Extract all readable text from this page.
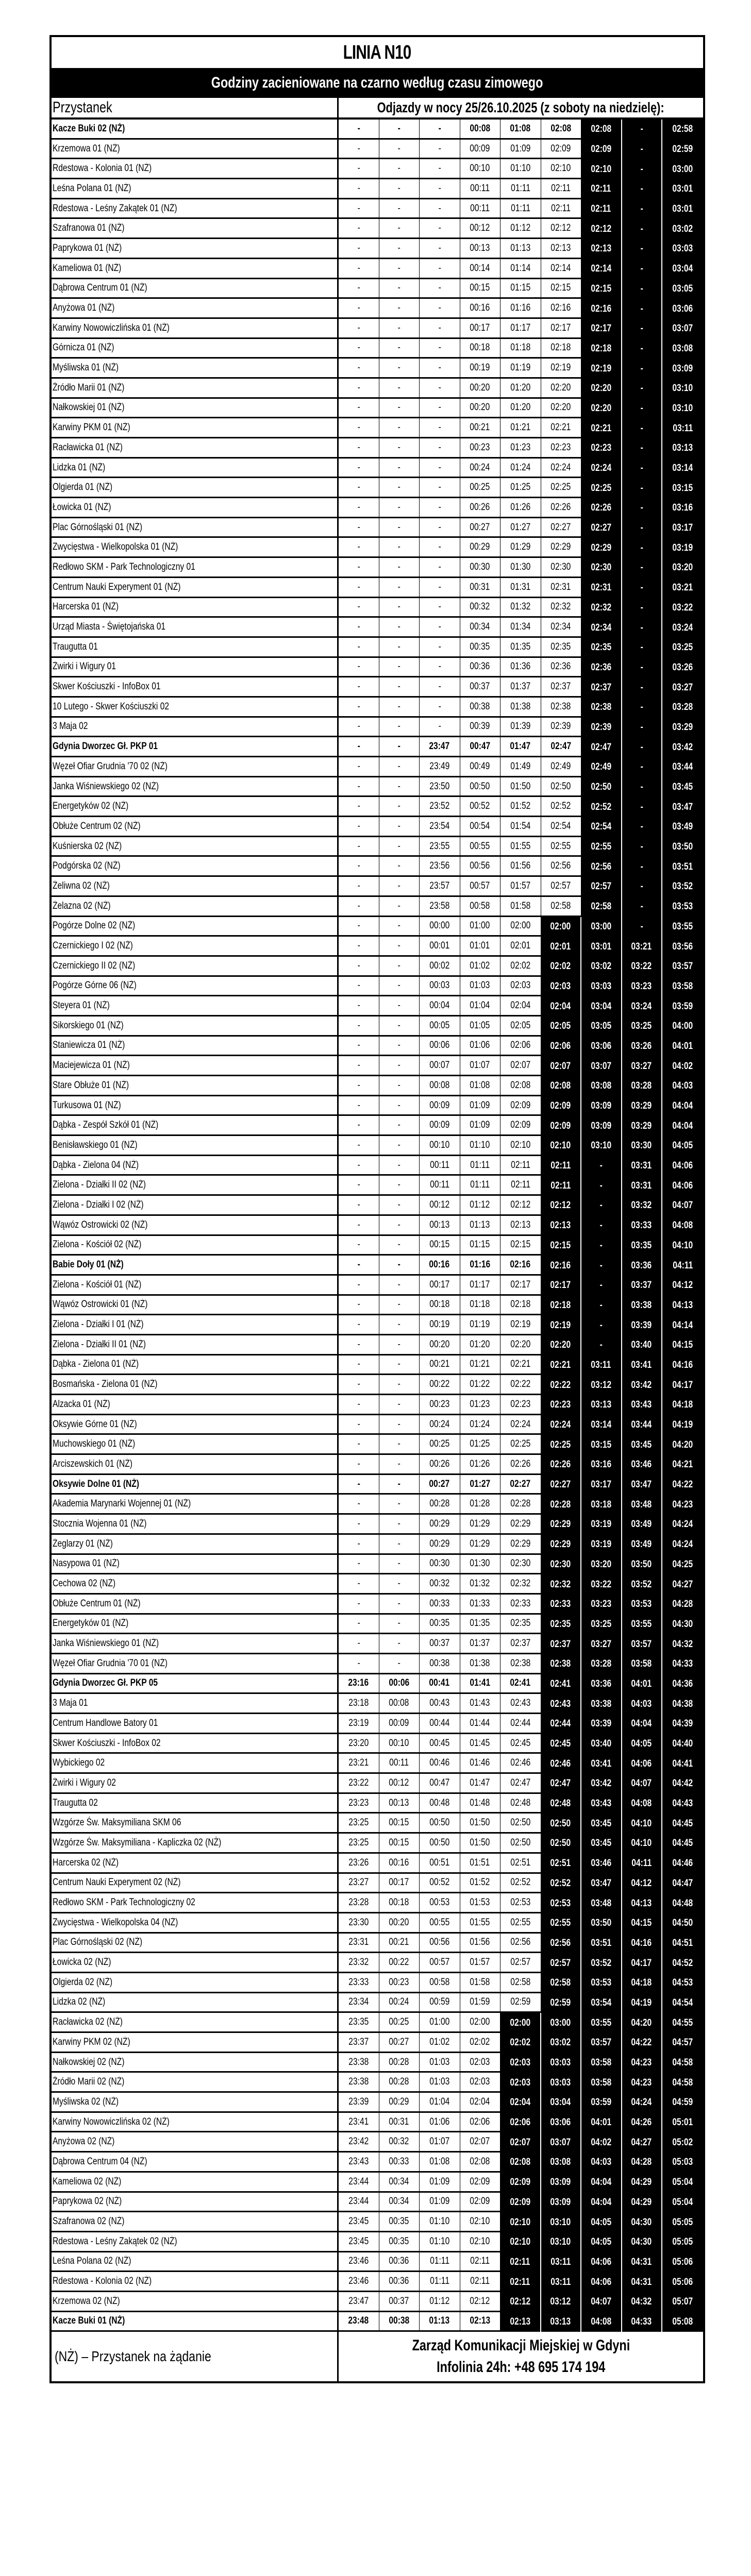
LINIA N10
Godziny zacieniowane na czarno według czasu zimowego
Przystanek	Odjazdy w nocy 25/26.10.2025 (z soboty na niedzielę):
Kacze Buki 02 (NŻ)	-	-	-	00:08 01:08 02:08 02:08	-	02:58
Krzemowa 01 (NŻ)	-	-	-	00:09 01:09 02:09 02:09	-	02:59
Rdestowa - Kolonia 01 (NŻ)	-	-	-	00:10 01:10 02:10 02:10	-	03:00
Leśna Polana 01 (NŻ)	-	-	-	00:11 01:11 02:11 02:11	-	03:01
Rdestowa - Leśny Zakątek 01 (NŻ)	-	-	-	00:11 01:11 02:11 02:11	-	03:01
Szafranowa 01 (NŻ)	-	-	-	00:12 01:12 02:12 02:12	-	03:02
Paprykowa 01 (NŻ)	-	-	-	00:13 01:13 02:13 02:13	-	03:03
Kameliowa 01 (NŻ)	-	-	-	00:14 01:14 02:14 02:14	-	03:04
Dąbrowa Centrum 01 (NŻ)	-	-	-	00:15 01:15 02:15 02:15	-	03:05
Anyżowa 01 (NŻ)	-	-	-	00:16 01:16 02:16 02:16	-	03:06
Karwiny Nowowiczlińska 01 (NŻ)	-	-	-	00:17 01:17 02:17 02:17	-	03:07
Górnicza 01 (NŻ)	-	-	-	00:18 01:18 02:18 02:18	-	03:08
Myśliwska 01 (NŻ)	-	-	-	00:19 01:19 02:19 02:19	-	03:09
Źródło Marii 01 (NŻ)	-	-	-	00:20 01:20 02:20 02:20	-	03:10
Nałkowskiej 01 (NŻ)	-	-	-	00:20 01:20 02:20 02:20	-	03:10
Karwiny PKM 01 (NŻ)	-	-	-	00:21 01:21 02:21 02:21	-	03:11
Racławicka 01 (NŻ)	-	-	-	00:23 01:23 02:23 02:23	-	03:13
Lidzka 01 (NŻ)	-	-	-	00:24 01:24 02:24 02:24	-	03:14
Olgierda 01 (NŻ)	-	-	-	00:25 01:25 02:25 02:25	-	03:15
Łowicka 01 (NŻ)	-	-	-	00:26 01:26 02:26 02:26	-	03:16
Plac Górnośląski 01 (NŻ)	-	-	-	00:27 01:27 02:27 02:27	-	03:17
Zwycięstwa - Wielkopolska 01 (NŻ)	-	-	-	00:29 01:29 02:29 02:29	-	03:19
Redłowo SKM - Park Technologiczny 01	-	-	-	00:30 01:30 02:30 02:30	-	03:20
Centrum Nauki Experyment 01 (NŻ)	-	-	-	00:31 01:31 02:31 02:31	-	03:21
Harcerska 01 (NŻ)	-	-	-	00:32 01:32 02:32 02:32	-	03:22
Urząd Miasta - Świętojańska 01	-	-	-	00:34 01:34 02:34 02:34	-	03:24
Traugutta 01	-	-	-	00:35 01:35 02:35 02:35	-	03:25
Żwirki i Wigury 01	-	-	-	00:36 01:36 02:36 02:36	-	03:26
Skwer Kościuszki - InfoBox 01	-	-	-	00:37 01:37 02:37 02:37	-	03:27
10 Lutego - Skwer Kościuszki 02	-	-	-	00:38 01:38 02:38 02:38	-	03:28
3 Maja 02	-	-	-	00:39 01:39 02:39 02:39	-	03:29
Gdynia Dworzec Gł. PKP 01	-	-	23:47 00:47 01:47 02:47 02:47	-	03:42
Węzeł Ofiar Grudnia '70 02 (NŻ)	-	-	23:49 00:49 01:49 02:49 02:49	-	03:44
Janka Wiśniewskiego 02 (NŻ)	-	-	23:50 00:50 01:50 02:50 02:50	-	03:45
Energetyków 02 (NŻ)	-	-	23:52 00:52 01:52 02:52 02:52	-	03:47
Obłuże Centrum 02 (NŻ)	-	-	23:54 00:54 01:54 02:54 02:54	-	03:49
Kuśnierska 02 (NŻ)	-	-	23:55 00:55 01:55 02:55 02:55	-	03:50
Podgórska 02 (NŻ)	-	-	23:56 00:56 01:56 02:56 02:56	-	03:51
Żeliwna 02 (NŻ)	-	-	23:57 00:57 01:57 02:57 02:57	-	03:52
Żelazna 02 (NŻ)	-	-	23:58 00:58 01:58 02:58 02:58	-	03:53
Pogórze Dolne 02 (NŻ)	-	-	00:00 01:00 02:00 02:00 03:00	-	03:55
Czernickiego I 02 (NŻ)	-	-	00:01 01:01 02:01 02:01 03:01 03:21 03:56
Czernickiego II 02 (NŻ)	-	-	00:02 01:02 02:02 02:02 03:02 03:22 03:57
Pogórze Górne 06 (NŻ)	-	-	00:03 01:03 02:03 02:03 03:03 03:23 03:58
Steyera 01 (NŻ)	-	-	00:04 01:04 02:04 02:04 03:04 03:24 03:59
Sikorskiego 01 (NŻ)	-	-	00:05 01:05 02:05 02:05 03:05 03:25 04:00
Staniewicza 01 (NŻ)	-	-	00:06 01:06 02:06 02:06 03:06 03:26 04:01
Maciejewicza 01 (NŻ)	-	-	00:07 01:07 02:07 02:07 03:07 03:27 04:02
Stare Obłuże 01 (NŻ)	-	-	00:08 01:08 02:08 02:08 03:08 03:28 04:03
Turkusowa 01 (NŻ)	-	-	00:09 01:09 02:09 02:09 03:09 03:29 04:04
Dąbka - Zespół Szkół 01 (NŻ)	-	-	00:09 01:09 02:09 02:09 03:09 03:29 04:04
Benisławskiego 01 (NŻ)	-	-	00:10 01:10 02:10 02:10 03:10 03:30 04:05
Dąbka - Zielona 04 (NŻ)	-	-	00:11 01:11 02:11 02:11	-	03:31 04:06
Zielona - Działki II 02 (NŻ)	-	-	00:11 01:11 02:11 02:11	-	03:31 04:06
Zielona - Działki I 02 (NŻ)	-	-	00:12 01:12 02:12 02:12	-	03:32 04:07
Wąwóz Ostrowicki 02 (NŻ)	-	-	00:13 01:13 02:13 02:13	-	03:33 04:08
Zielona - Kościół 02 (NŻ)	-	-	00:15 01:15 02:15 02:15	-	03:35 04:10
Babie Doły 01 (NŻ)	-	-	00:16 01:16 02:16 02:16	-	03:36 04:11
Zielona - Kościół 01 (NŻ)	-	-	00:17 01:17 02:17 02:17	-	03:37 04:12
Wąwóz Ostrowicki 01 (NŻ)	-	-	00:18 01:18 02:18 02:18	-	03:38 04:13
Zielona - Działki I 01 (NŻ)	-	-	00:19 01:19 02:19 02:19	-	03:39 04:14
Zielona - Działki II 01 (NŻ)	-	-	00:20 01:20 02:20 02:20	-	03:40 04:15
Dąbka - Zielona 01 (NŻ)	-	-	00:21 01:21 02:21 02:21 03:11 03:41 04:16
Bosmańska - Zielona 01 (NŻ)	-	-	00:22 01:22 02:22 02:22 03:12 03:42 04:17
Alzacka 01 (NŻ)	-	-	00:23 01:23 02:23 02:23 03:13 03:43 04:18
Oksywie Górne 01 (NŻ)	-	-	00:24 01:24 02:24 02:24 03:14 03:44 04:19
Muchowskiego 01 (NŻ)	-	-	00:25 01:25 02:25 02:25 03:15 03:45 04:20
Arciszewskich 01 (NŻ)	-	-	00:26 01:26 02:26 02:26 03:16 03:46 04:21
Oksywie Dolne 01 (NŻ)	-	-	00:27 01:27 02:27 02:27 03:17 03:47 04:22
Akademia Marynarki Wojennej 01 (NŻ)	-	-	00:28 01:28 02:28 02:28 03:18 03:48 04:23
Stocznia Wojenna 01 (NŻ)	-	-	00:29 01:29 02:29 02:29 03:19 03:49 04:24
Żeglarzy 01 (NŻ)	-	-	00:29 01:29 02:29 02:29 03:19 03:49 04:24
Nasypowa 01 (NŻ)	-	-	00:30 01:30 02:30 02:30 03:20 03:50 04:25
Cechowa 02 (NŻ)	-	-	00:32 01:32 02:32 02:32 03:22 03:52 04:27
Obłuże Centrum 01 (NŻ)	-	-	00:33 01:33 02:33 02:33 03:23 03:53 04:28
Energetyków 01 (NŻ)	-	-	00:35 01:35 02:35 02:35 03:25 03:55 04:30
Janka Wiśniewskiego 01 (NŻ)	-	-	00:37 01:37 02:37 02:37 03:27 03:57 04:32
Węzeł Ofiar Grudnia '70 01 (NŻ)	-	-	00:38 01:38 02:38 02:38 03:28 03:58 04:33
Gdynia Dworzec Gł. PKP 05	23:16 00:06 00:41 01:41 02:41 02:41 03:36 04:01 04:36
3 Maja 01	23:18 00:08 00:43 01:43 02:43 02:43 03:38 04:03 04:38
Centrum Handlowe Batory 01	23:19 00:09 00:44 01:44 02:44 02:44 03:39 04:04 04:39
Skwer Kościuszki - InfoBox 02	23:20 00:10 00:45 01:45 02:45 02:45 03:40 04:05 04:40
Wybickiego 02	23:21 00:11 00:46 01:46 02:46 02:46 03:41 04:06 04:41
Żwirki i Wigury 02	23:22 00:12 00:47 01:47 02:47 02:47 03:42 04:07 04:42
Traugutta 02	23:23 00:13 00:48 01:48 02:48 02:48 03:43 04:08 04:43
Wzgórze Św. Maksymiliana SKM 06	23:25 00:15 00:50 01:50 02:50 02:50 03:45 04:10 04:45
Wzgórze Św. Maksymiliana - Kapliczka 02 (NŻ)	23:25 00:15 00:50 01:50 02:50 02:50 03:45 04:10 04:45
Harcerska 02 (NŻ)	23:26 00:16 00:51 01:51 02:51 02:51 03:46 04:11 04:46
Centrum Nauki Experyment 02 (NŻ)	23:27 00:17 00:52 01:52 02:52 02:52 03:47 04:12 04:47
Redłowo SKM - Park Technologiczny 02	23:28 00:18 00:53 01:53 02:53 02:53 03:48 04:13 04:48
Zwycięstwa - Wielkopolska 04 (NŻ)	23:30 00:20 00:55 01:55 02:55 02:55 03:50 04:15 04:50
Plac Górnośląski 02 (NŻ)	23:31 00:21 00:56 01:56 02:56 02:56 03:51 04:16 04:51
Łowicka 02 (NŻ)	23:32 00:22 00:57 01:57 02:57 02:57 03:52 04:17 04:52
Olgierda 02 (NŻ)	23:33 00:23 00:58 01:58 02:58 02:58 03:53 04:18 04:53
Lidzka 02 (NŻ)	23:34 00:24 00:59 01:59 02:59 02:59 03:54 04:19 04:54
Racławicka 02 (NŻ)	23:35 00:25 01:00 02:00 02:00 03:00 03:55 04:20 04:55
Karwiny PKM 02 (NŻ)	23:37 00:27 01:02 02:02 02:02 03:02 03:57 04:22 04:57
Nałkowskiej 02 (NŻ)	23:38 00:28 01:03 02:03 02:03 03:03 03:58 04:23 04:58
Źródło Marii 02 (NŻ)	23:38 00:28 01:03 02:03 02:03 03:03 03:58 04:23 04:58
Myśliwska 02 (NŻ)	23:39 00:29 01:04 02:04 02:04 03:04 03:59 04:24 04:59
Karwiny Nowowiczlińska 02 (NŻ)	23:41 00:31 01:06 02:06 02:06 03:06 04:01 04:26 05:01
Anyżowa 02 (NŻ)	23:42 00:32 01:07 02:07 02:07 03:07 04:02 04:27 05:02
Dąbrowa Centrum 04 (NŻ)	23:43 00:33 01:08 02:08 02:08 03:08 04:03 04:28 05:03
Kameliowa 02 (NŻ)	23:44 00:34 01:09 02:09 02:09 03:09 04:04 04:29 05:04
Paprykowa 02 (NŻ)	23:44 00:34 01:09 02:09 02:09 03:09 04:04 04:29 05:04
Szafranowa 02 (NŻ)	23:45 00:35 01:10 02:10 02:10 03:10 04:05 04:30 05:05
Rdestowa - Leśny Zakątek 02 (NŻ)	23:45 00:35 01:10 02:10 02:10 03:10 04:05 04:30 05:05
Leśna Polana 02 (NŻ)	23:46 00:36 01:11 02:11 02:11 03:11 04:06 04:31 05:06
Rdestowa - Kolonia 02 (NŻ)	23:46 00:36 01:11 02:11 02:11 03:11 04:06 04:31 05:06
Krzemowa 02 (NŻ)	23:47 00:37 01:12 02:12 02:12 03:12 04:07 04:32 05:07
Kacze Buki 01 (NŻ)	23:48 00:38 01:13 02:13 02:13 03:13 04:08 04:33 05:08
(NŻ) – Przystanek na żądanie
Zarząd Komunikacji Miejskiej w Gdyni
Infolinia 24h: +48 695 174 194
